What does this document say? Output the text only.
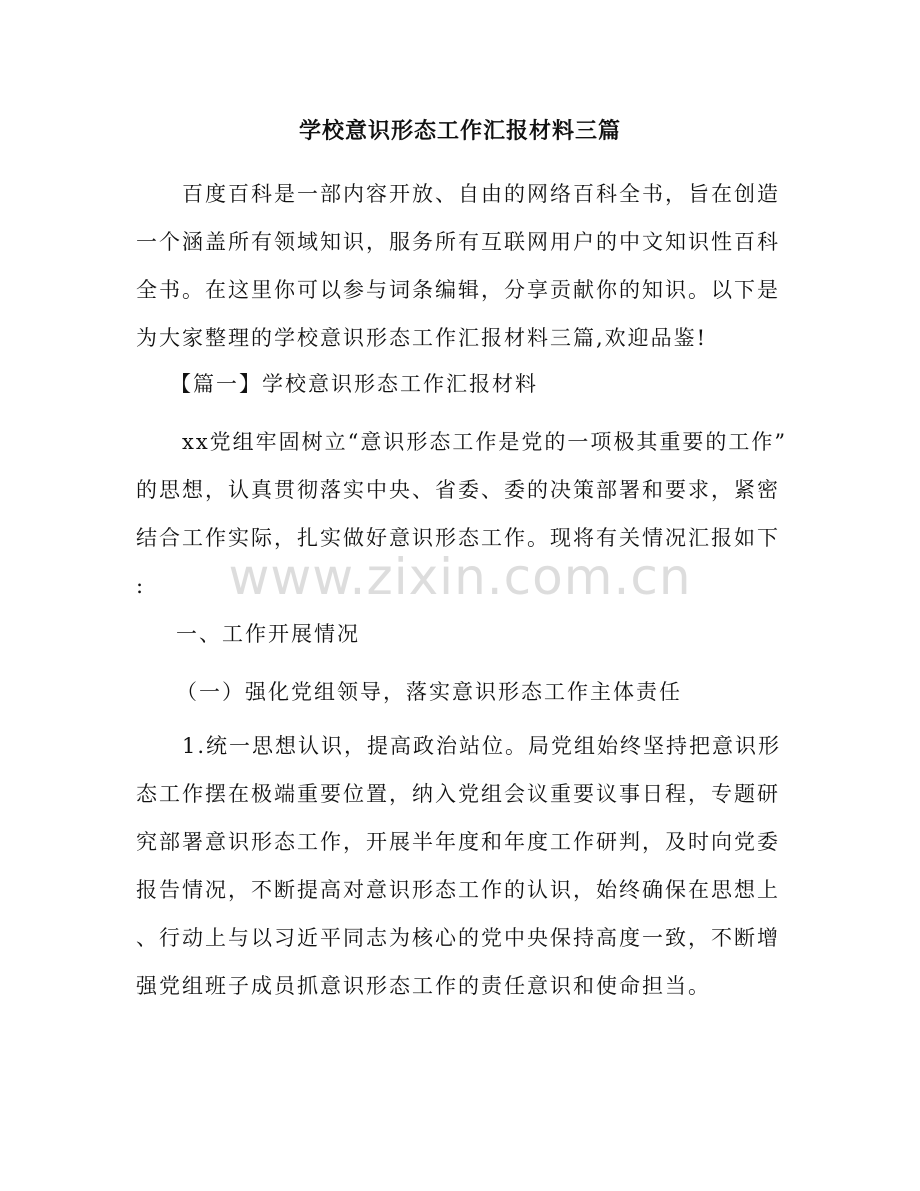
学校意识形态工作汇报材料三篇
百度百科是一部内容开放、自由的网络百科全书，旨在创造
一个涵盖所有领域知识，服务所有互联网用户的中文知识性百科
全书。在这里你可以参与词条编辑，分享贡献你的知识。以下是
为大家整理的学校意识形态工作汇报材料三篇,欢迎品鉴!
【篇一】学校意识形态工作汇报材料
xx党组牢固树立“意识形态工作是党的一项极其重要的工作”
的思想，认真贯彻落实中央、省委、委的决策部署和要求，紧密
结合工作实际，扎实做好意识形态工作。现将有关情况汇报如下
:
一、工作开展情况
（一）强化党组领导，落实意识形态工作主体责任
1.统一思想认识，提高政治站位。局党组始终坚持把意识形
态工作摆在极端重要位置，纳入党组会议重要议事日程，专题研
究部署意识形态工作，开展半年度和年度工作研判，及时向党委
报告情况，不断提高对意识形态工作的认识，始终确保在思想上
、行动上与以习近平同志为核心的党中央保持高度一致，不断增
强党组班子成员抓意识形态工作的责任意识和使命担当。
www.zixin.com.cn
